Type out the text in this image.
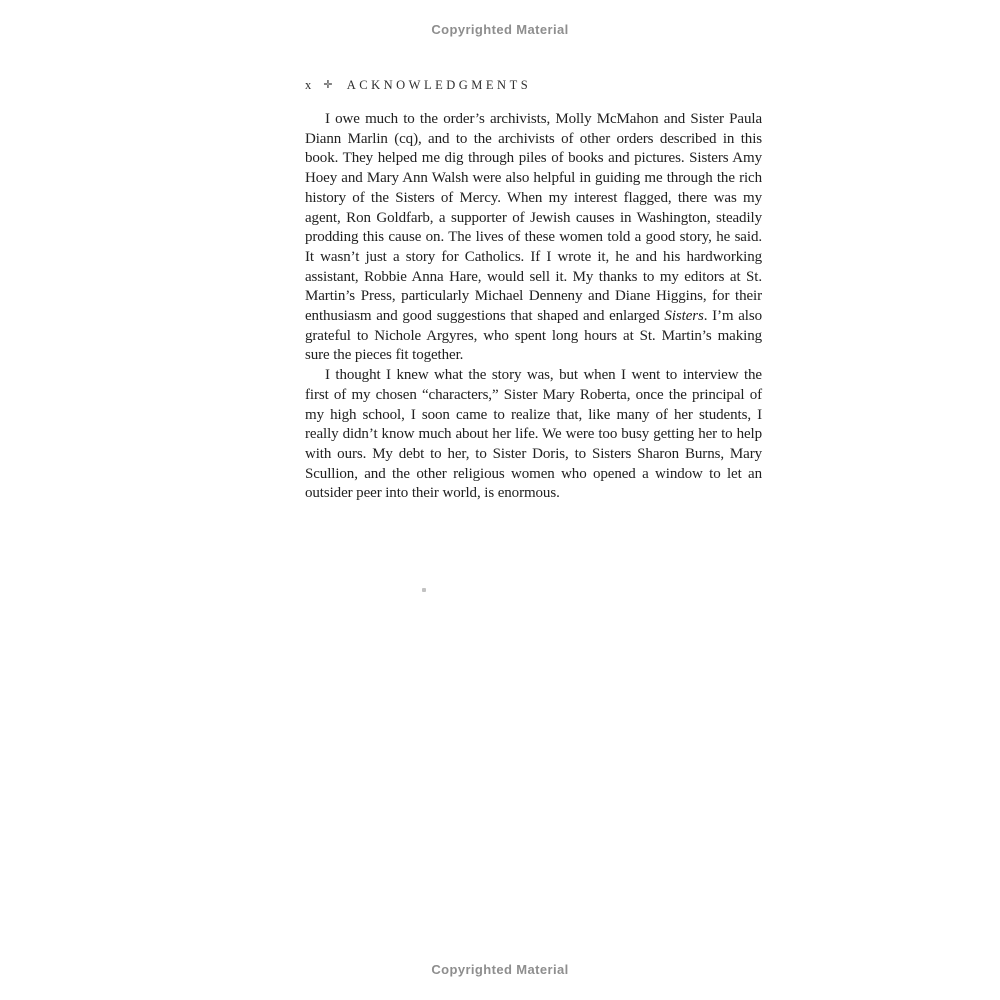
Copyrighted Material
x ✛ ACKNOWLEDGMENTS

I owe much to the order’s archivists, Molly McMahon and Sister Paula Diann Marlin (cq), and to the archivists of other orders described in this book. They helped me dig through piles of books and pictures. Sisters Amy Hoey and Mary Ann Walsh were also helpful in guiding me through the rich history of the Sisters of Mercy. When my interest flagged, there was my agent, Ron Goldfarb, a supporter of Jewish causes in Washington, steadily prodding this cause on. The lives of these women told a good story, he said. It wasn’t just a story for Catholics. If I wrote it, he and his hardworking assistant, Robbie Anna Hare, would sell it. My thanks to my editors at St. Martin’s Press, particularly Michael Denneny and Diane Higgins, for their enthusiasm and good suggestions that shaped and enlarged Sisters. I’m also grateful to Nichole Argyres, who spent long hours at St. Martin’s making sure the pieces fit together.

I thought I knew what the story was, but when I went to interview the first of my chosen “characters,” Sister Mary Roberta, once the principal of my high school, I soon came to realize that, like many of her students, I really didn’t know much about her life. We were too busy getting her to help with ours. My debt to her, to Sister Doris, to Sisters Sharon Burns, Mary Scullion, and the other religious women who opened a window to let an outsider peer into their world, is enormous.

Copyrighted Material
